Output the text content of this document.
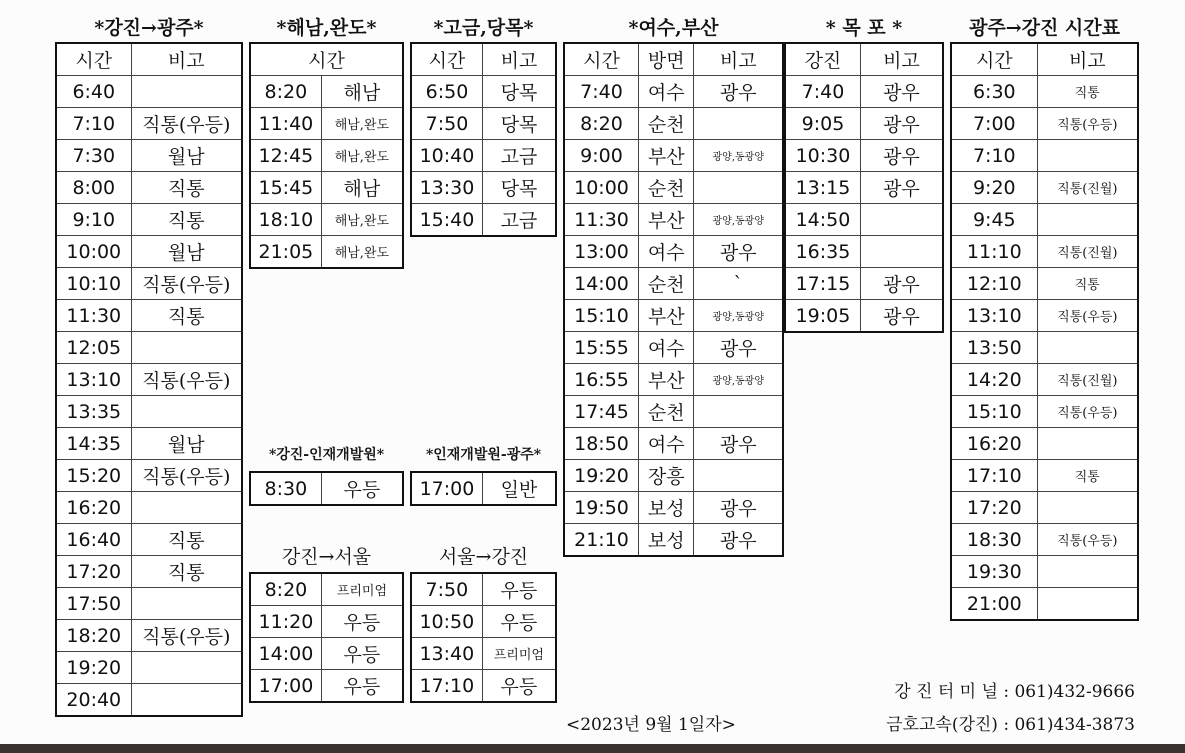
*강진→광주*	*해남,완도*	*고금,당목*	*여수,부산	* 목 포 *	광주→강진 시간표
시간	비고
6:40	
7:10	직통(우등)
7:30	월남
8:00	직통
9:10	직통
10:00	월남
10:10	직통(우등)
11:30	직통
12:05	
13:10	직통(우등)
13:35	
14:35	월남
15:20	직통(우등)
16:20	
16:40	직통
17:20	직통
17:50	
18:20	직통(우등)
19:20	
20:40	
시간	
8:20	해남
11:40	해남,완도
12:45	해남,완도
15:45	해남
18:10	해남,완도
21:05	해남,완도
시간	비고
6:50	당목
7:50	당목
10:40	고금
13:30	당목
15:40	고금
시간	방면	비고
7:40	여수	광우
8:20	순천	
9:00	부산	광양,동광양
10:00	순천	
11:30	부산	광양,동광양
13:00	여수	광우
14:00	순천	`
15:10	부산	광양,동광양
15:55	여수	광우
16:55	부산	광양,동광양
17:45	순천	
18:50	여수	광우
19:20	장흥	
19:50	보성	광우
21:10	보성	광우
강진	비고
7:40	광우
9:05	광우
10:30	광우
13:15	광우
14:50	
16:35	
17:15	광우
19:05	광우
시간	비고
6:30	직통
7:00	직통(우등)
7:10	
9:20	직통(진월)
9:45	
11:10	직통(진월)
12:10	직통
13:10	직통(우등)
13:50	
14:20	직통(진월)
15:10	직통(우등)
16:20	
17:10	직통
17:20	
18:30	직통(우등)
19:30	
21:00	
*강진-인재개발원*
8:30	우등
*인재개발원-광주*
17:00	일반
강진→서울
8:20	프리미엄
11:20	우등
14:00	우등
17:00	우등
서울→강진
7:50	우등
10:50	우등
13:40	프리미엄
17:10	우등
<2023년 9월 1일자>
강 진 터 미 널 : 061)432-9666
금호고속(강진) : 061)434-3873
